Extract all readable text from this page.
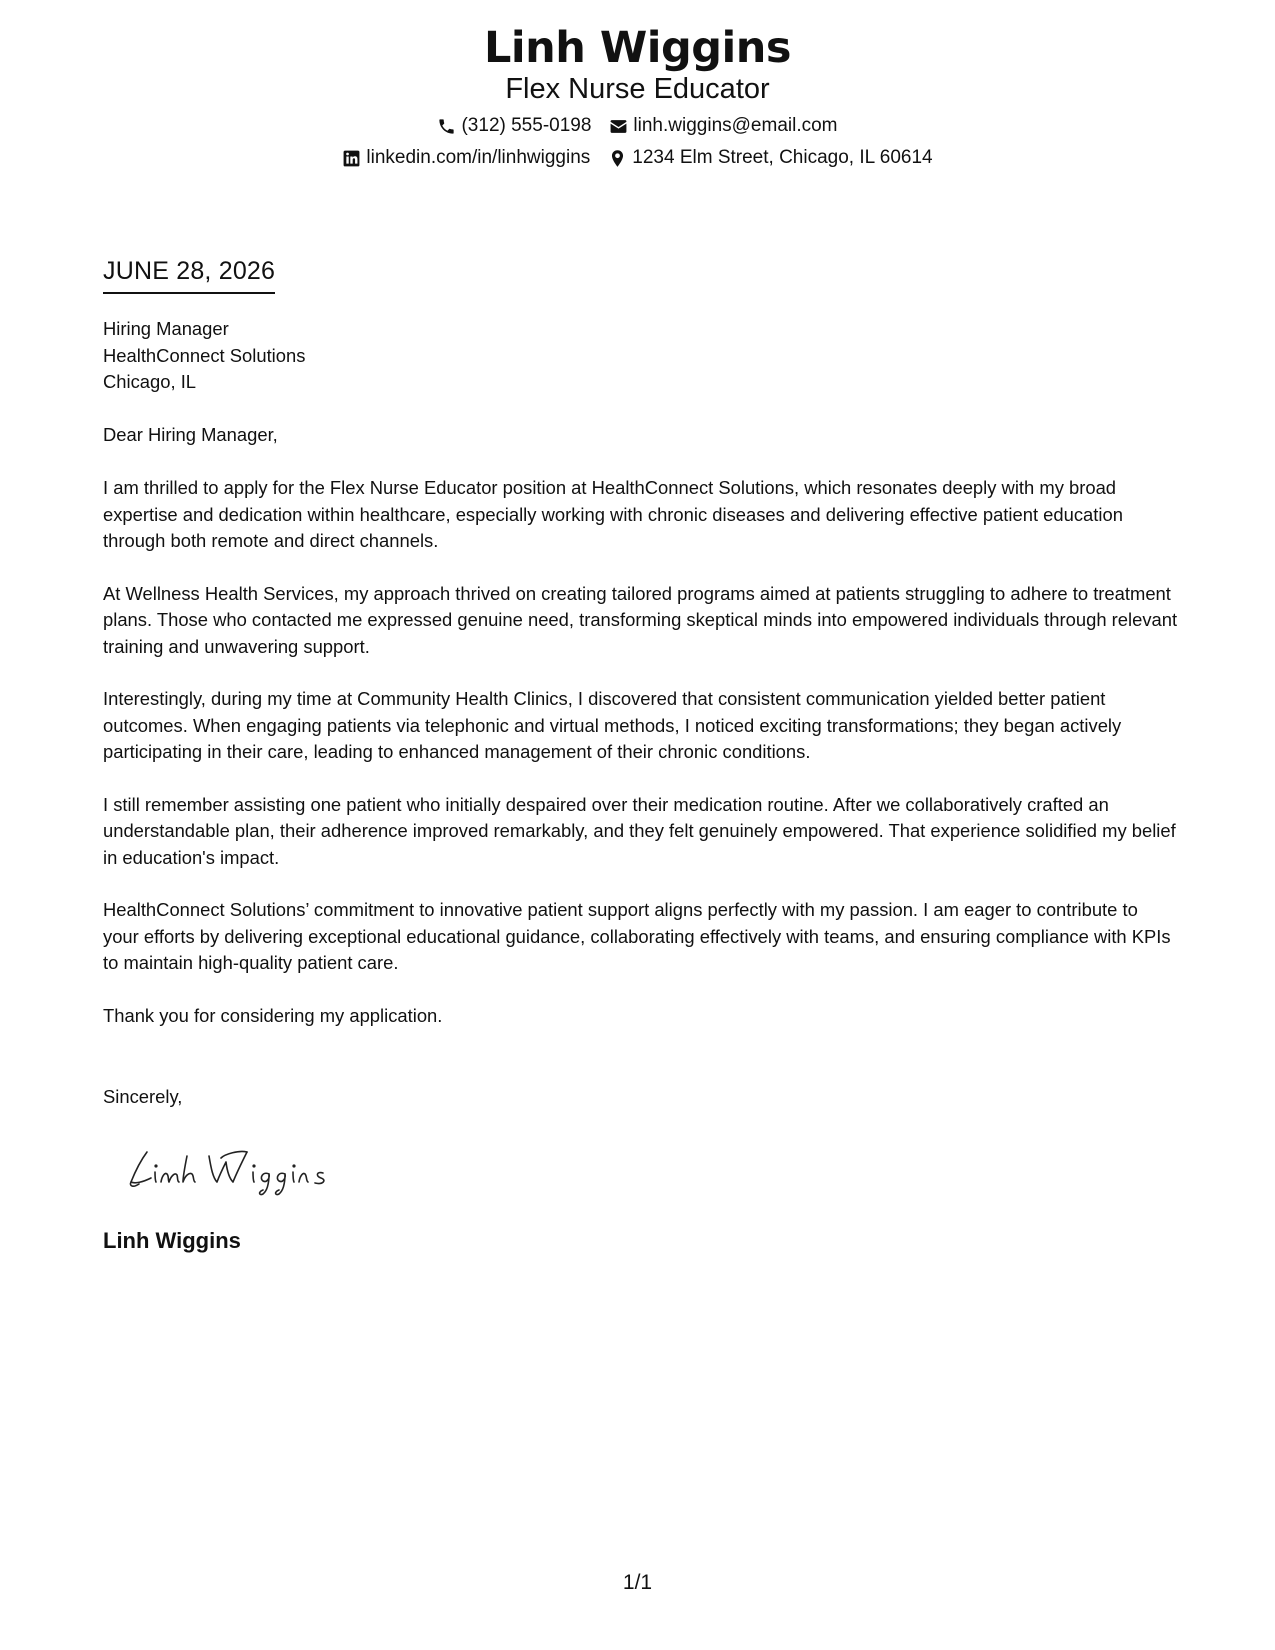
Linh Wiggins
Flex Nurse Educator
(312) 555-0198 linh.wiggins@email.com
linkedin.com/in/linhwiggins 1234 Elm Street, Chicago, IL 60614
JUNE 28, 2026
Hiring Manager
HealthConnect Solutions
Chicago, IL
Dear Hiring Manager,

I am thrilled to apply for the Flex Nurse Educator position at HealthConnect Solutions, which resonates deeply with my broad expertise and dedication within healthcare, especially working with chronic diseases and delivering effective patient education through both remote and direct channels.

At Wellness Health Services, my approach thrived on creating tailored programs aimed at patients struggling to adhere to treatment plans. Those who contacted me expressed genuine need, transforming skeptical minds into empowered individuals through relevant training and unwavering support.

Interestingly, during my time at Community Health Clinics, I discovered that consistent communication yielded better patient outcomes. When engaging patients via telephonic and virtual methods, I noticed exciting transformations; they began actively participating in their care, leading to enhanced management of their chronic conditions.

I still remember assisting one patient who initially despaired over their medication routine. After we collaboratively crafted an understandable plan, their adherence improved remarkably, and they felt genuinely empowered. That experience solidified my belief in education's impact.

HealthConnect Solutions’ commitment to innovative patient support aligns perfectly with my passion. I am eager to contribute to your efforts by delivering exceptional educational guidance, collaborating effectively with teams, and ensuring compliance with KPIs to maintain high-quality patient care.

Thank you for considering my application.

Sincerely,
Linh Wiggins
1/1
